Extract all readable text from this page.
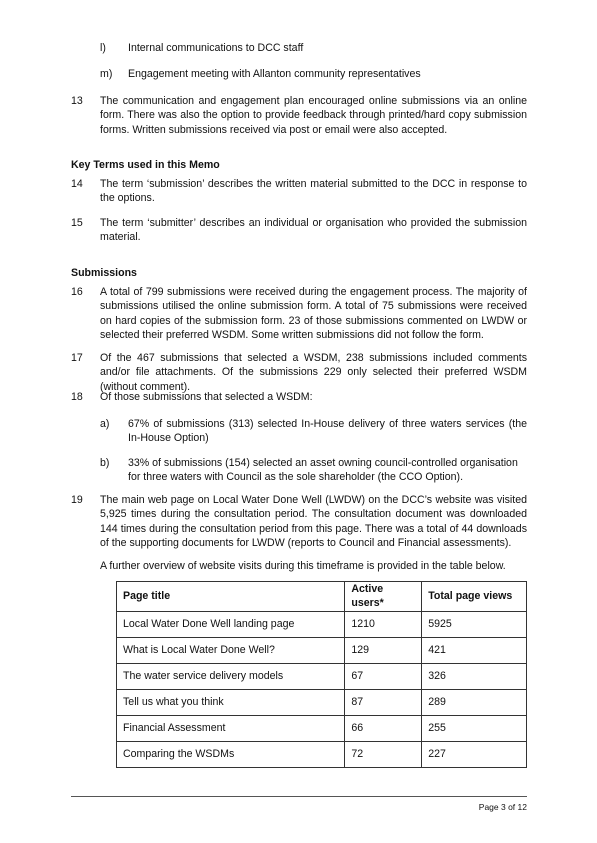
l) Internal communications to DCC staff
m) Engagement meeting with Allanton community representatives
13 The communication and engagement plan encouraged online submissions via an online form. There was also the option to provide feedback through printed/hard copy submission forms. Written submissions received via post or email were also accepted.
Key Terms used in this Memo
14 The term ‘submission’ describes the written material submitted to the DCC in response to the options.
15 The term ‘submitter’ describes an individual or organisation who provided the submission material.
Submissions
16 A total of 799 submissions were received during the engagement process. The majority of submissions utilised the online submission form. A total of 75 submissions were received on hard copies of the submission form. 23 of those submissions commented on LWDW or selected their preferred WSDM. Some written submissions did not follow the form.
17 Of the 467 submissions that selected a WSDM, 238 submissions included comments and/or file attachments. Of the submissions 229 only selected their preferred WSDM (without comment).
18 Of those submissions that selected a WSDM:
a) 67% of submissions (313) selected In-House delivery of three waters services (the In-House Option)
b) 33% of submissions (154) selected an asset owning council-controlled organisation for three waters with Council as the sole shareholder (the CCO Option).
19 The main web page on Local Water Done Well (LWDW) on the DCC’s website was visited 5,925 times during the consultation period. The consultation document was downloaded 144 times during the consultation period from this page. There was a total of 44 downloads of the supporting documents for LWDW (reports to Council and Financial assessments).
A further overview of website visits during this timeframe is provided in the table below.
Page title	Active users*	Total page views
Local Water Done Well landing page	1210	5925
What is Local Water Done Well?	129	421
The water service delivery models	67	326
Tell us what you think	87	289
Financial Assessment	66	255
Comparing the WSDMs	72	227
Page 3 of 12
